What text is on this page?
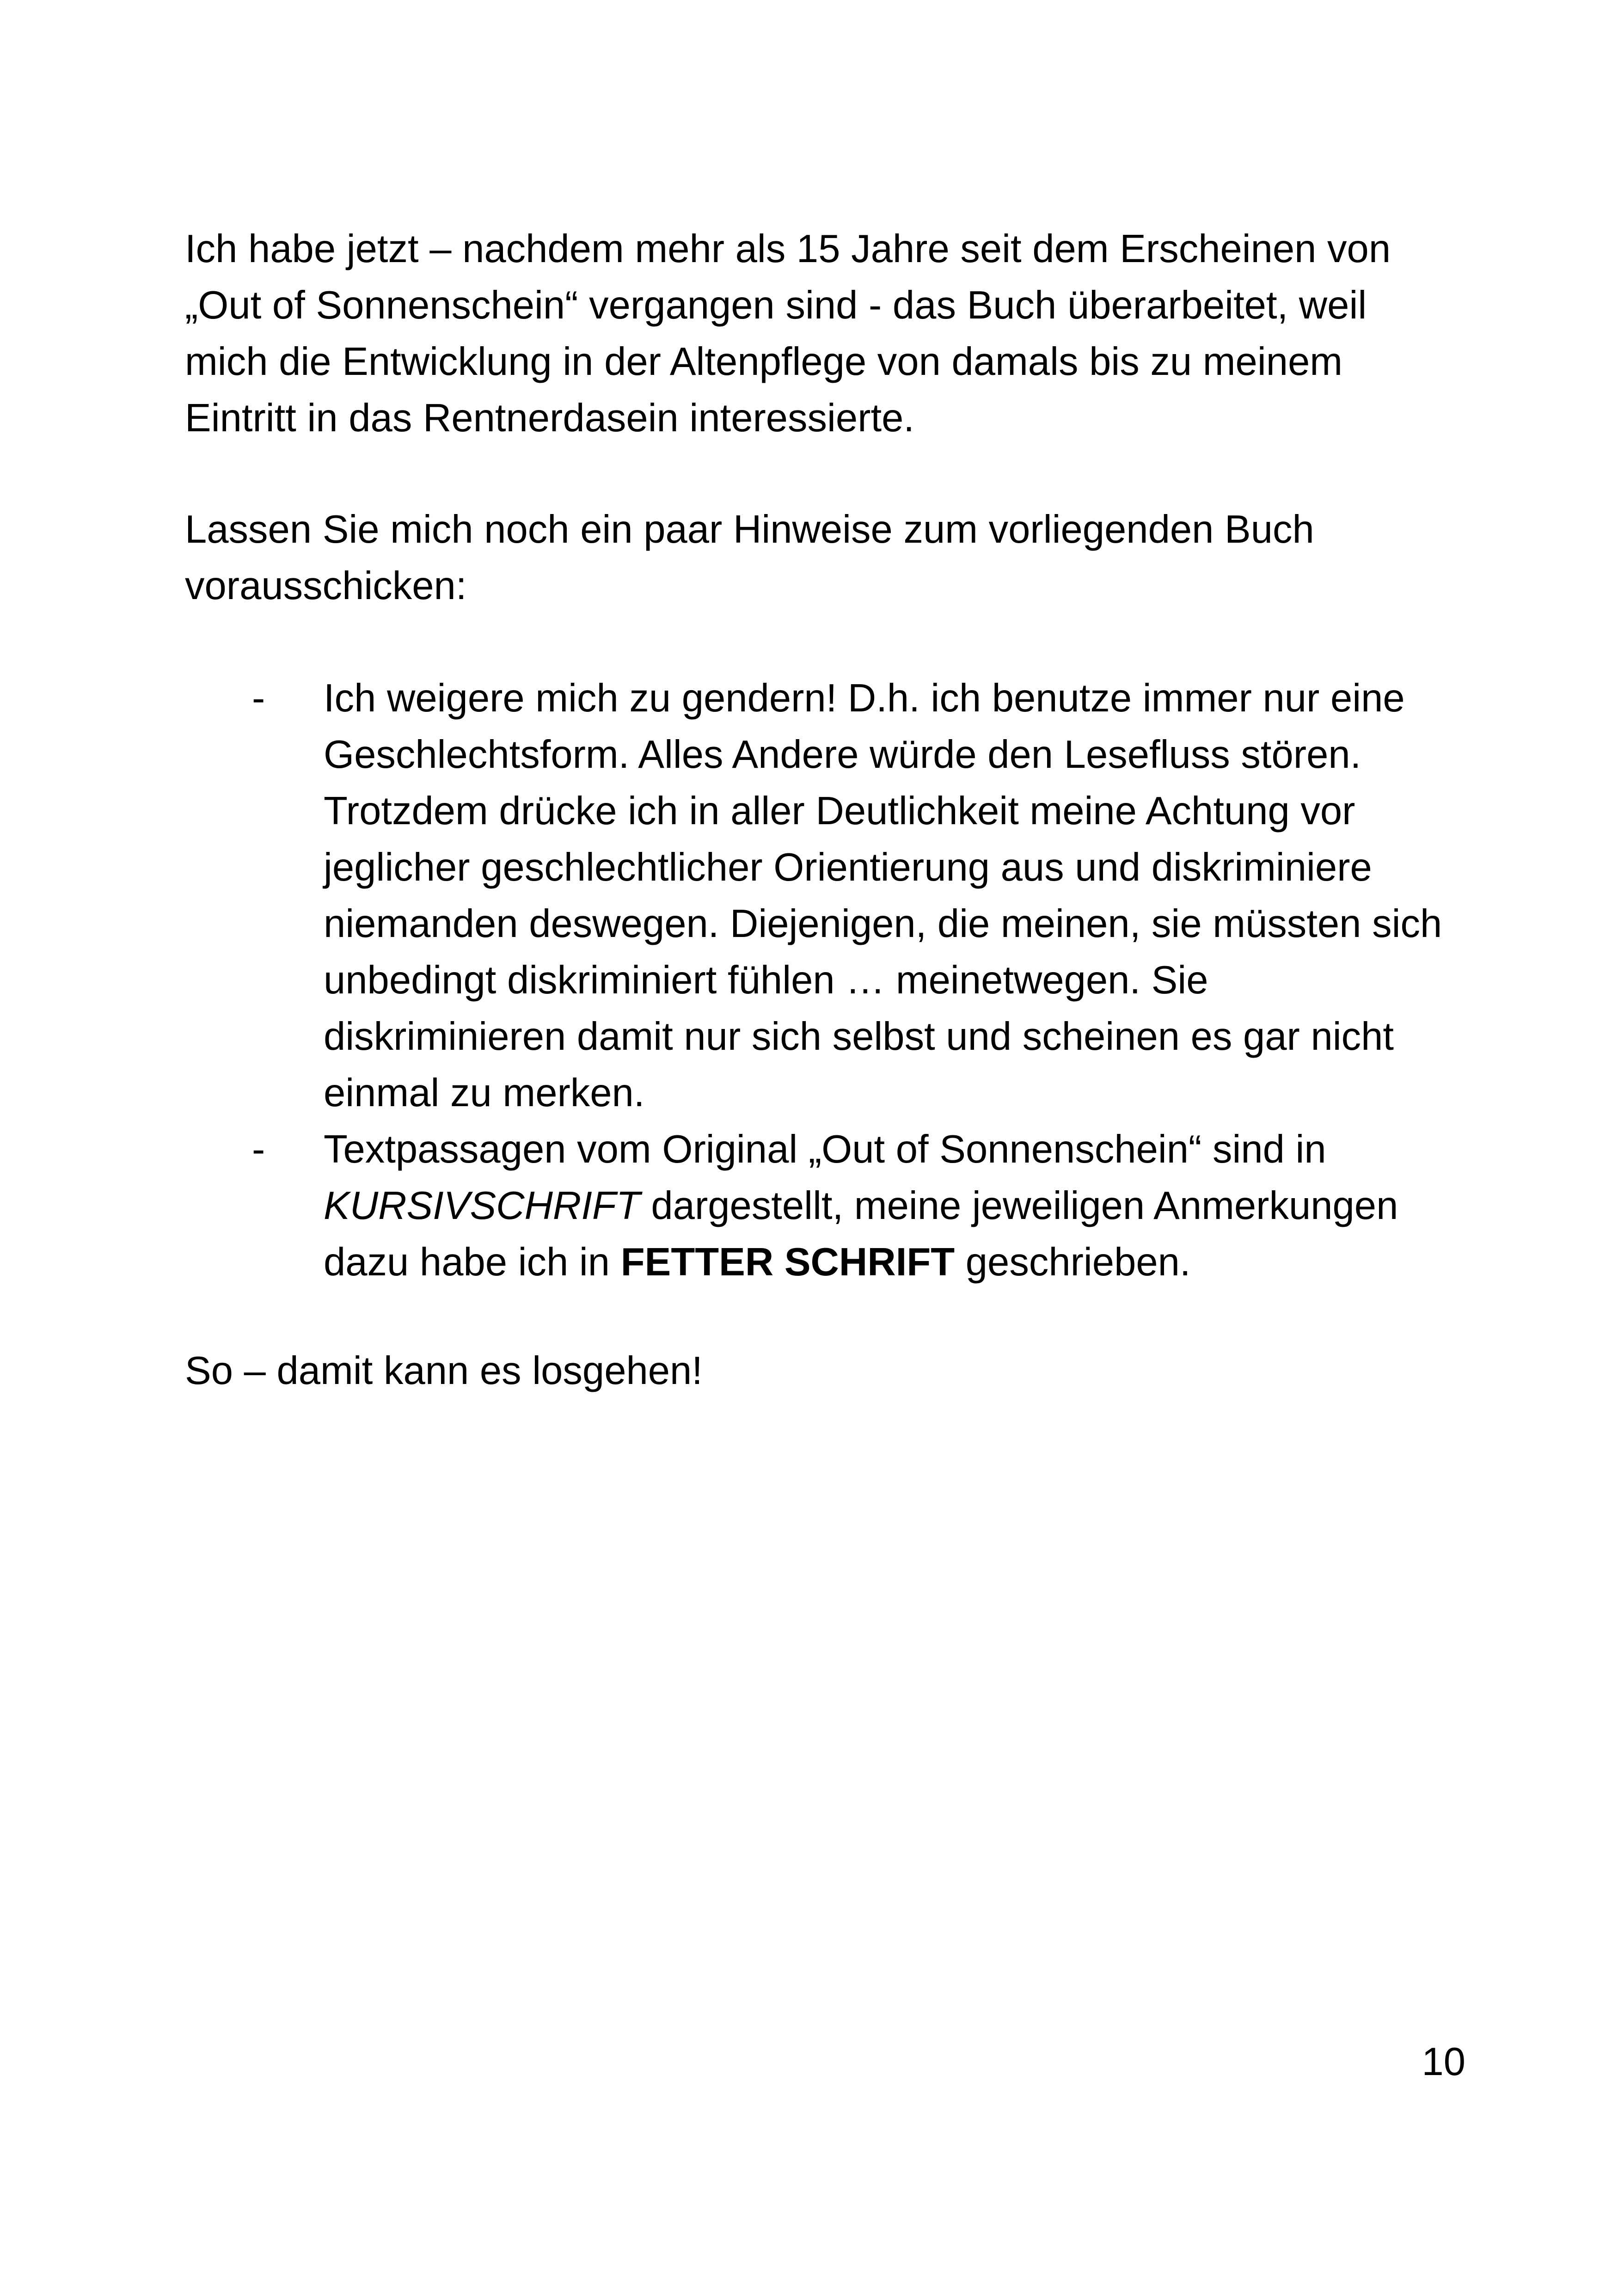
Ich habe jetzt – nachdem mehr als 15 Jahre seit dem Erscheinen von „Out of Sonnenschein“ vergangen sind - das Buch überarbeitet, weil mich die Entwicklung in der Altenpflege von damals bis zu meinem Eintritt in das Rentnerdasein interessierte.

Lassen Sie mich noch ein paar Hinweise zum vorliegenden Buch vorausschicken:

- Ich weigere mich zu gendern! D.h. ich benutze immer nur eine Geschlechtsform. Alles Andere würde den Lesefluss stören. Trotzdem drücke ich in aller Deutlichkeit meine Achtung vor jeglicher geschlechtlicher Orientierung aus und diskriminiere niemanden deswegen. Diejenigen, die meinen, sie müssten sich unbedingt diskriminiert fühlen … meinetwegen. Sie diskriminieren damit nur sich selbst und scheinen es gar nicht einmal zu merken.
- Textpassagen vom Original „Out of Sonnenschein“ sind in KURSIVSCHRIFT dargestellt, meine jeweiligen Anmerkungen dazu habe ich in FETTER SCHRIFT geschrieben.

So – damit kann es losgehen!

10
